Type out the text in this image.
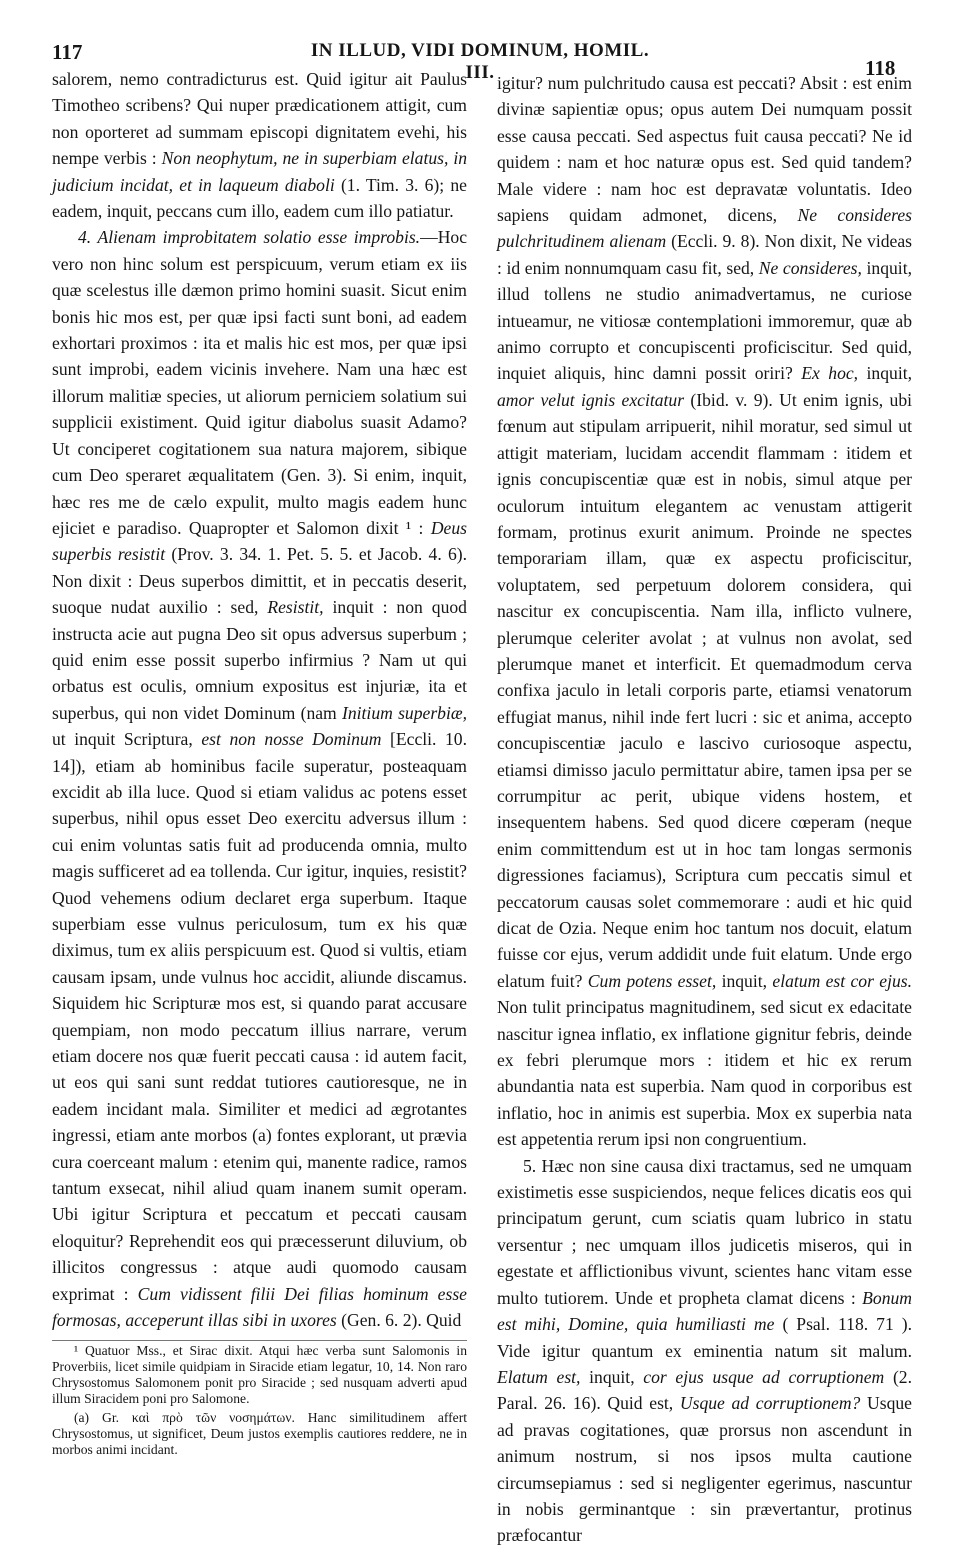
117	IN ILLUD, VIDI DOMINUM, HOMIL. III.	118

salorem, nemo contradicturus est. Quid igitur ait Paulus Timotheo scribens? Qui nuper prædicationem attigit, cum non oporteret ad summam episcopi dignitatem evehi, his nempe verbis : Non neophytum, ne in superbiam elatus, in judicium incidat, et in laqueum diaboli (1. Tim. 3. 6); ne eadem, inquit, peccans cum illo, eadem cum illo patiatur.

4. Alienam improbitatem solatio esse improbis.—Hoc vero non hinc solum est perspicuum, verum etiam ex iis quæ scelestus ille dæmon primo homini suasit. Sicut enim bonis hic mos est, per quæ ipsi facti sunt boni, ad eadem exhortari proximos : ita et malis hic est mos, per quæ ipsi sunt improbi, eadem vicinis invehere. Nam una hæc est illorum malitiæ species, ut aliorum perniciem solatium sui supplicii existiment. Quid igitur diabolus suasit Adamo? Ut conciperet cogitationem sua natura majorem, sibique cum Deo speraret æqualitatem (Gen. 3). Si enim, inquit, hæc res me de cælo expulit, multo magis eadem hunc ejiciet e paradiso. Quapropter et Salomon dixit ¹ : Deus superbis resistit (Prov. 3. 34. 1. Pet. 5. 5. et Jacob. 4. 6). Non dixit : Deus superbos dimittit, et in peccatis deserit, suoque nudat auxilio : sed, Resistit, inquit : non quod instructa acie aut pugna Deo sit opus adversus superbum ; quid enim esse possit superbo infirmius ? Nam ut qui orbatus est oculis, omnium expositus est injuriæ, ita et superbus, qui non videt Dominum (nam Initium superbiæ, ut inquit Scriptura, est non nosse Dominum [Eccli. 10. 14]), etiam ab hominibus facile superatur, posteaquam excidit ab illa luce. Quod si etiam validus ac potens esset superbus, nihil opus esset Deo exercitu adversus illum : cui enim voluntas satis fuit ad producenda omnia, multo magis sufficeret ad ea tollenda. Cur igitur, inquies, resistit? Quod vehemens odium declaret erga superbum. Itaque superbiam esse vulnus periculosum, tum ex his quæ diximus, tum ex aliis perspicuum est. Quod si vultis, etiam causam ipsam, unde vulnus hoc accidit, aliunde discamus. Siquidem hic Scripturæ mos est, si quando parat accusare quempiam, non modo peccatum illius narrare, verum etiam docere nos quæ fuerit peccati causa : id autem facit, ut eos qui sani sunt reddat tutiores cautioresque, ne in eadem incidant mala. Similiter et medici ad ægrotantes ingressi, etiam ante morbos (a) fontes explorant, ut prævia cura coerceant malum : etenim qui, manente radice, ramos tantum exsecat, nihil aliud quam inanem sumit operam. Ubi igitur Scriptura et peccatum et peccati causam eloquitur? Reprehendit eos qui præcesserunt diluvium, ob illicitos congressus : atque audi quomodo causam exprimat : Cum vidissent filii Dei filias hominum esse formosas, acceperunt illas sibi in uxores (Gen. 6. 2). Quid

¹ Quatuor Mss., et Sirac dixit. Atqui hæc verba sunt Salomonis in Proverbiis, licet simile quidpiam in Siracide etiam legatur, 10, 14. Non raro Chrysostomus Salomonem ponit pro Siracide ; sed nusquam adverti apud illum Siracidem poni pro Salomone.

(a) Gr. καὶ πρὸ τῶν νοσημάτων. Hanc similitudinem affert Chrysostomus, ut significet, Deum justos exemplis cautiores reddere, ne in morbos animi incidant.

igitur? num pulchritudo causa est peccati? Absit : est enim divinæ sapientiæ opus; opus autem Dei numquam possit esse causa peccati. Sed aspectus fuit causa peccati? Ne id quidem : nam et hoc naturæ opus est. Sed quid tandem? Male videre : nam hoc est depravatæ voluntatis. Ideo sapiens quidam admonet, dicens, Ne consideres pulchritudinem alienam (Eccli. 9. 8). Non dixit, Ne videas : id enim nonnumquam casu fit, sed, Ne consideres, inquit, illud tollens ne studio animadvertamus, ne curiose intueamur, ne vitiosæ contemplationi immoremur, quæ ab animo corrupto et concupiscenti proficiscitur. Sed quid, inquiet aliquis, hinc damni possit oriri? Ex hoc, inquit, amor velut ignis excitatur (Ibid. v. 9). Ut enim ignis, ubi fœnum aut stipulam arripuerit, nihil moratur, sed simul ut attigit materiam, lucidam accendit flammam : itidem et ignis concupiscentiæ quæ est in nobis, simul atque per oculorum intuitum elegantem ac venustam attigerit formam, protinus exurit animum. Proinde ne spectes temporariam illam, quæ ex aspectu proficiscitur, voluptatem, sed perpetuum dolorem considera, qui nascitur ex concupiscentia. Nam illa, inflicto vulnere, plerumque celeriter avolat ; at vulnus non avolat, sed plerumque manet et interficit. Et quemadmodum cerva confixa jaculo in letali corporis parte, etiamsi venatorum effugiat manus, nihil inde fert lucri : sic et anima, accepto concupiscentiæ jaculo e lascivo curiosoque aspectu, etiamsi dimisso jaculo permittatur abire, tamen ipsa per se corrumpitur ac perit, ubique videns hostem, et insequentem habens. Sed quod dicere cœperam (neque enim committendum est ut in hoc tam longas sermonis digressiones faciamus), Scriptura cum peccatis simul et peccatorum causas solet commemorare : audi et hic quid dicat de Ozia. Neque enim hoc tantum nos docuit, elatum fuisse cor ejus, verum addidit unde fuit elatum. Unde ergo elatum fuit? Cum potens esset, inquit, elatum est cor ejus. Non tulit principatus magnitudinem, sed sicut ex edacitate nascitur ignea inflatio, ex inflatione gignitur febris, deinde ex febri plerumque mors : itidem et hic ex rerum abundantia nata est superbia. Nam quod in corporibus est inflatio, hoc in animis est superbia. Mox ex superbia nata est appetentia rerum ipsi non congruentium.

5. Hæc non sine causa dixi tractamus, sed ne umquam existimetis esse suspiciendos, neque felices dicatis eos qui principatum gerunt, cum sciatis quam lubrico in statu versentur ; nec umquam illos judicetis miseros, qui in egestate et afflictionibus vivunt, scientes hanc vitam esse multo tutiorem. Unde et propheta clamat dicens : Bonum est mihi, Domine, quia humiliasti me ( Psal. 118. 71 ). Vide igitur quantum ex eminentia natum sit malum. Elatum est, inquit, cor ejus usque ad corruptionem (2. Paral. 26. 16). Quid est, Usque ad corruptionem? Usque ad pravas cogitationes, quæ prorsus non ascendunt in animum nostrum, si nos ipsos multa cautione circumsepiamus : sed si negligenter egerimus, nascuntur in nobis germinantque : sin prævertantur, protinus præfocantur
